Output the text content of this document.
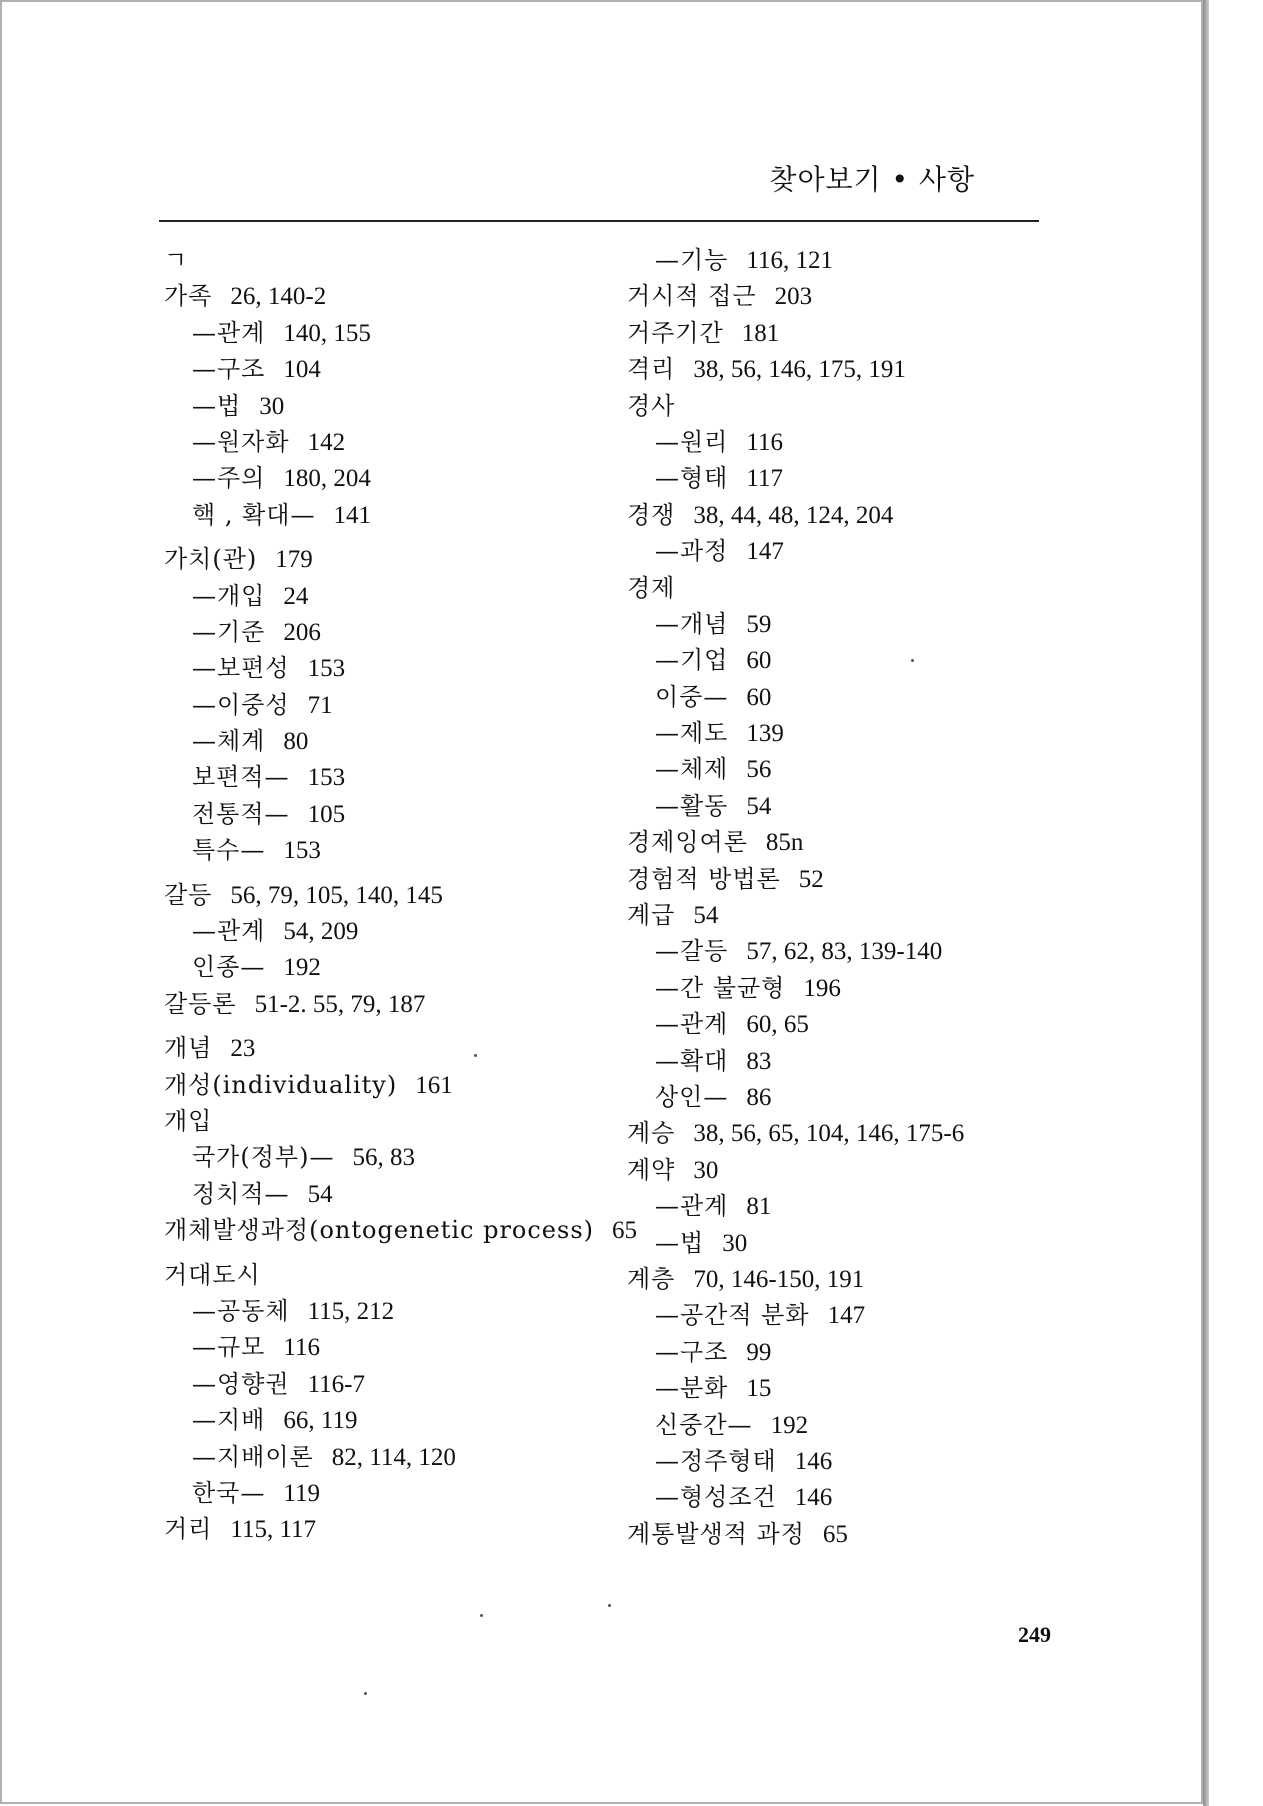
찾아보기 • 사항
ㄱ
가족 26, 140-2
—관계 140, 155
—구조 104
—법 30
—원자화 142
—주의 180, 204
핵 , 확대— 141
가치(관) 179
—개입 24
—기준 206
—보편성 153
—이중성 71
—체계 80
보편적— 153
전통적— 105
특수— 153
갈등 56, 79, 105, 140, 145
—관계 54, 209
인종— 192
갈등론 51-2. 55, 79, 187
개념 23
개성(individuality) 161
개입
국가(정부)— 56, 83
정치적— 54
개체발생과정(ontogenetic process) 65
거대도시
—공동체 115, 212
—규모 116
—영향권 116-7
—지배 66, 119
—지배이론 82, 114, 120
한국— 119
거리 115, 117
—기능 116, 121
거시적 접근 203
거주기간 181
격리 38, 56, 146, 175, 191
경사
—원리 116
—형태 117
경쟁 38, 44, 48, 124, 204
—과정 147
경제
—개념 59
—기업 60
이중— 60
—제도 139
—체제 56
—활동 54
경제잉여론 85n
경험적 방법론 52
계급 54
—갈등 57, 62, 83, 139-140
—간 불균형 196
—관계 60, 65
—확대 83
상인— 86
계승 38, 56, 65, 104, 146, 175-6
계약 30
—관계 81
—법 30
계층 70, 146-150, 191
—공간적 분화 147
—구조 99
—분화 15
신중간— 192
—정주형태 146
—형성조건 146
계통발생적 과정 65
249
